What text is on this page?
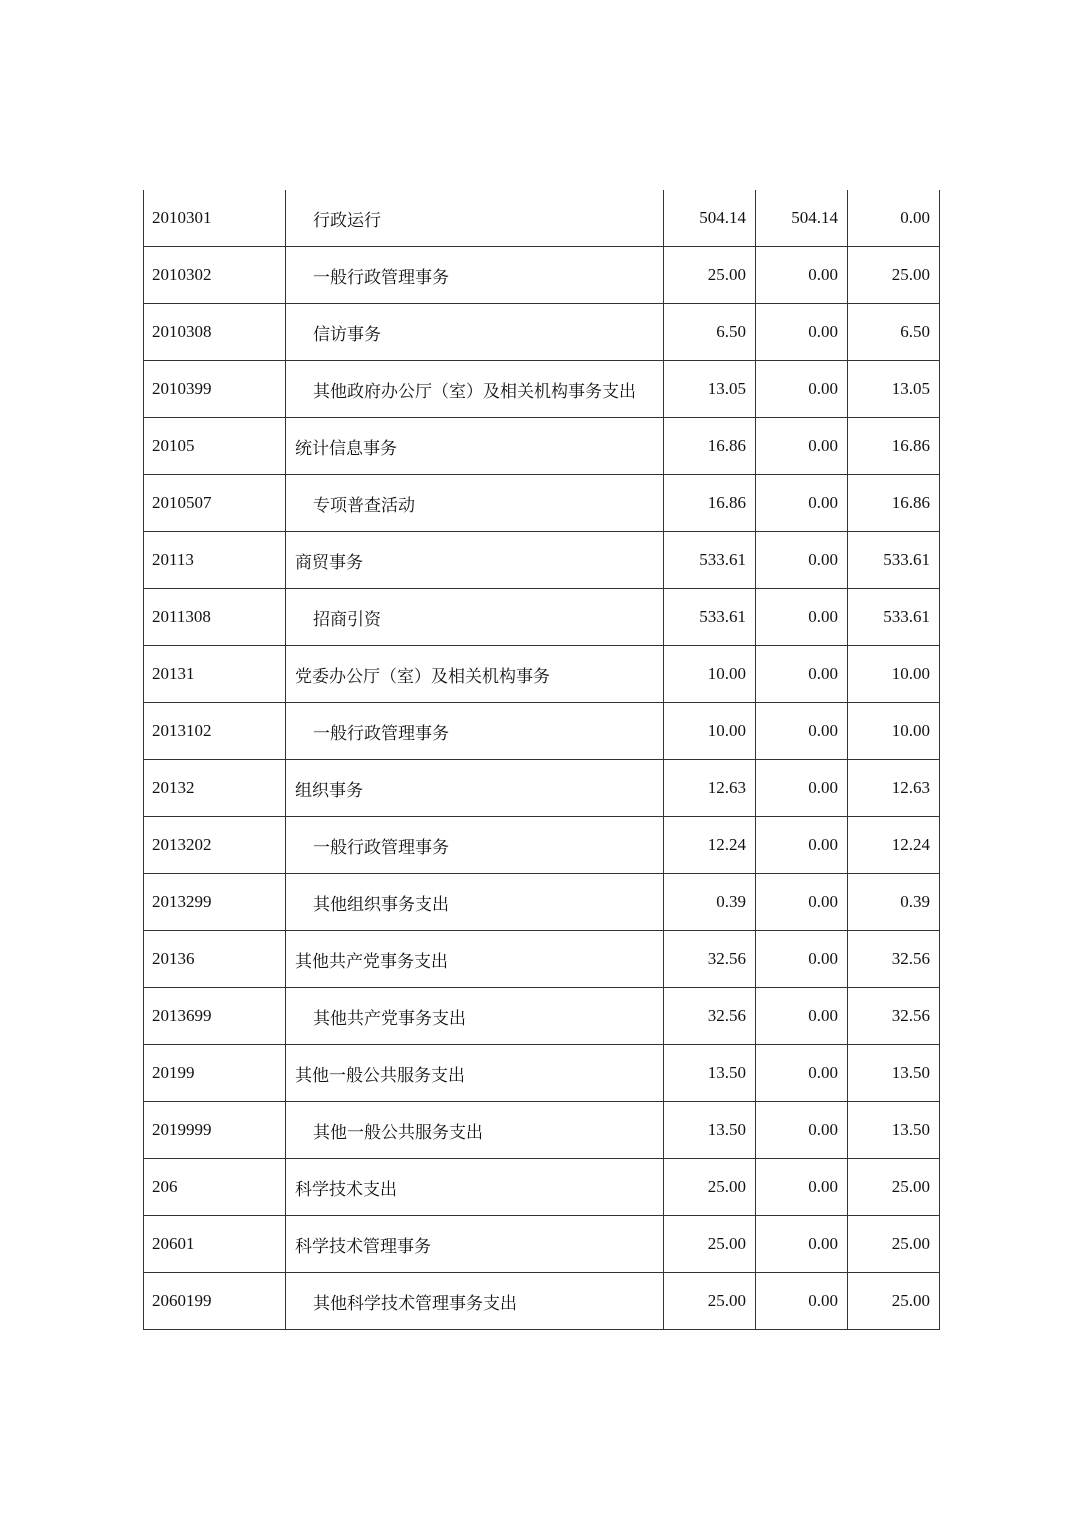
2010301	行政运行	504.14	504.14	0.00
2010302	一般行政管理事务	25.00	0.00	25.00
2010308	信访事务	6.50	0.00	6.50
2010399	其他政府办公厅（室）及相关机构事务支出	13.05	0.00	13.05
20105	统计信息事务	16.86	0.00	16.86
2010507	专项普查活动	16.86	0.00	16.86
20113	商贸事务	533.61	0.00	533.61
2011308	招商引资	533.61	0.00	533.61
20131	党委办公厅（室）及相关机构事务	10.00	0.00	10.00
2013102	一般行政管理事务	10.00	0.00	10.00
20132	组织事务	12.63	0.00	12.63
2013202	一般行政管理事务	12.24	0.00	12.24
2013299	其他组织事务支出	0.39	0.00	0.39
20136	其他共产党事务支出	32.56	0.00	32.56
2013699	其他共产党事务支出	32.56	0.00	32.56
20199	其他一般公共服务支出	13.50	0.00	13.50
2019999	其他一般公共服务支出	13.50	0.00	13.50
206	科学技术支出	25.00	0.00	25.00
20601	科学技术管理事务	25.00	0.00	25.00
2060199	其他科学技术管理事务支出	25.00	0.00	25.00
